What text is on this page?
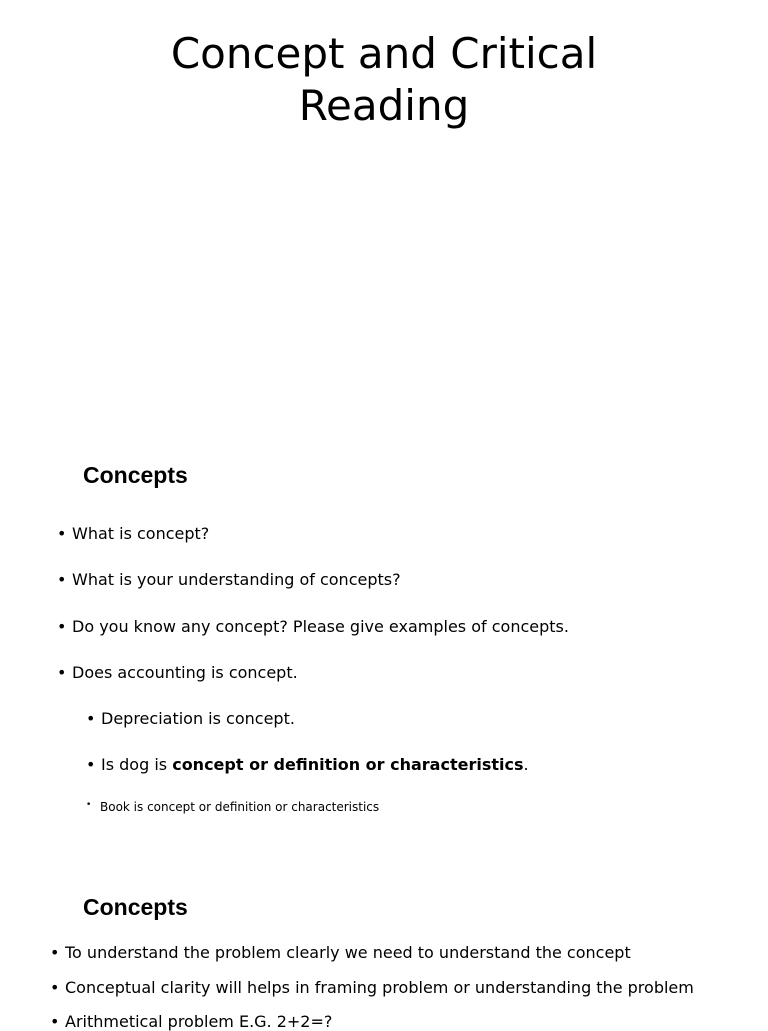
Concept and Critical
Reading
Concepts
• What is concept?
• What is your understanding of concepts?
• Do you know any concept? Please give examples of concepts.
• Does accounting is concept.
• Depreciation is concept.
• Is dog is concept or definition or characteristics.
• Book is concept or definition or characteristics
Concepts
• To understand the problem clearly we need to understand the concept
• Conceptual clarity will helps in framing problem or understanding the problem
• Arithmetical problem E.G. 2+2=?
